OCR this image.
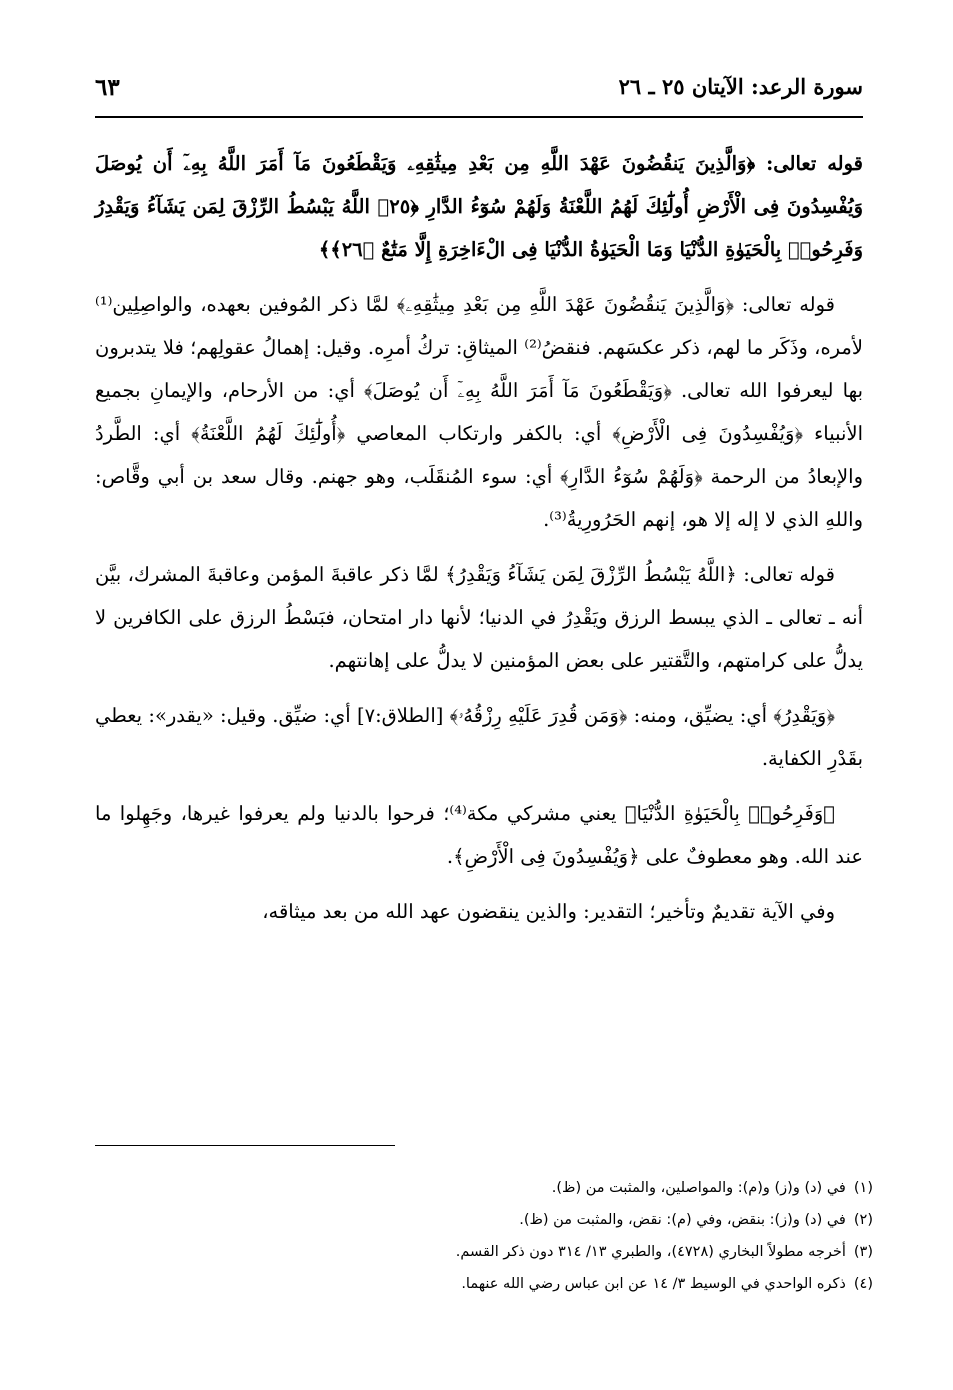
سورة الرعد: الآيتان ٢٥ ـ ٢٦
٦٣

قوله تعالى: ﴿وَالَّذِينَ يَنقُضُونَ عَهْدَ اللَّهِ مِن بَعْدِ مِيثَٰقِهِۦ وَيَقْطَعُونَ مَآ أَمَرَ اللَّهُ بِهِۦٓ أَن يُوصَلَ وَيُفْسِدُونَ فِى الْأَرْضِ أُولَٰٓئِكَ لَهُمُ اللَّعْنَةُ وَلَهُمْ سُوٓءُ الدَّارِ ﴿٢٥﴾ اللَّهُ يَبْسُطُ الرِّزْقَ لِمَن يَشَآءُ وَيَقْدِرُ وَفَرِحُوا۟ بِالْحَيَوٰةِ الدُّنْيَا وَمَا الْحَيَوٰةُ الدُّنْيَا فِى الْءَاخِرَةِ إِلَّا مَتَٰعٌ ﴿٢٦﴾﴾

قوله تعالى: ﴿وَالَّذِينَ يَنقُضُونَ عَهْدَ اللَّهِ مِن بَعْدِ مِيثَٰقِهِۦ﴾ لمَّا ذكر المُوفين بعهده، والواصِلِين⁽¹⁾ لأمره، وذَكَر ما لهم، ذكر عكسَهم. فنقضُ⁽²⁾ الميثاقِ: تركُ أمرِه. وقيل: إهمالُ عقولِهم؛ فلا يتدبرون بها ليعرفوا الله تعالى. ﴿وَيَقْطَعُونَ مَآ أَمَرَ اللَّهُ بِهِۦٓ أَن يُوصَلَ﴾ أي: من الأرحام، والإيمانِ بجميع الأنبياء ﴿وَيُفْسِدُونَ فِى الْأَرْضِ﴾ أي: بالكفر وارتكاب المعاصي ﴿أُولَٰٓئِكَ لَهُمُ اللَّعْنَةُ﴾ أي: الطَّردُ والإبعادُ من الرحمة ﴿وَلَهُمْ سُوٓءُ الدَّارِ﴾ أي: سوء المُنقَلَب، وهو جهنم. وقال سعد بن أبي وقَّاص: واللهِ الذي لا إله إلا هو، إنهم الحَرُورِيةُ⁽³⁾.

قوله تعالى: ﴿اللَّهُ يَبْسُطُ الرِّزْقَ لِمَن يَشَآءُ وَيَقْدِرُ﴾ لمَّا ذكر عاقبةَ المؤمن وعاقبةَ المشرك، بيَّن أنه ـ تعالى ـ الذي يبسط الرزق ويَقْدِرُ في الدنيا؛ لأنها دار امتحان، فبَسْطُ الرزق على الكافرين لا يدلُّ على كرامتهم، والتَّقتير على بعض المؤمنين لا يدلُّ على إهانتهم.

﴿وَيَقْدِرُ﴾ أي: يضيِّق، ومنه: ﴿وَمَن قُدِرَ عَلَيْهِ رِزْقُهُۥ﴾ [الطلاق:٧] أي: ضيِّق. وقيل: «يقدر»: يعطي بقَدْرِ الكفاية.

﴿وَفَرِحُوا۟ بِالْحَيَوٰةِ الدُّنْيَا﴾ يعني مشركي مكة⁽⁴⁾؛ فرحوا بالدنيا ولم يعرفوا غيرها، وجَهِلوا ما عند الله. وهو معطوفٌ على ﴿وَيُفْسِدُونَ فِى الْأَرْضِ﴾.

وفي الآية تقديمٌ وتأخير؛ التقدير: والذين ينقضون عهد الله من بعد ميثاقه،

(١)في (د) و(ز) و(م): والمواصلين، والمثبت من (ظ).
(٢)في (د) و(ز): بنقض، وفي (م): نقض، والمثبت من (ظ).
(٣)أخرجه مطولاً البخاري (٤٧٢٨)، والطبري ١٣/ ٣١٤ دون ذكر القسم.
(٤)ذكره الواحدي في الوسيط ٣/ ١٤ عن ابن عباس رضي الله عنهما.
